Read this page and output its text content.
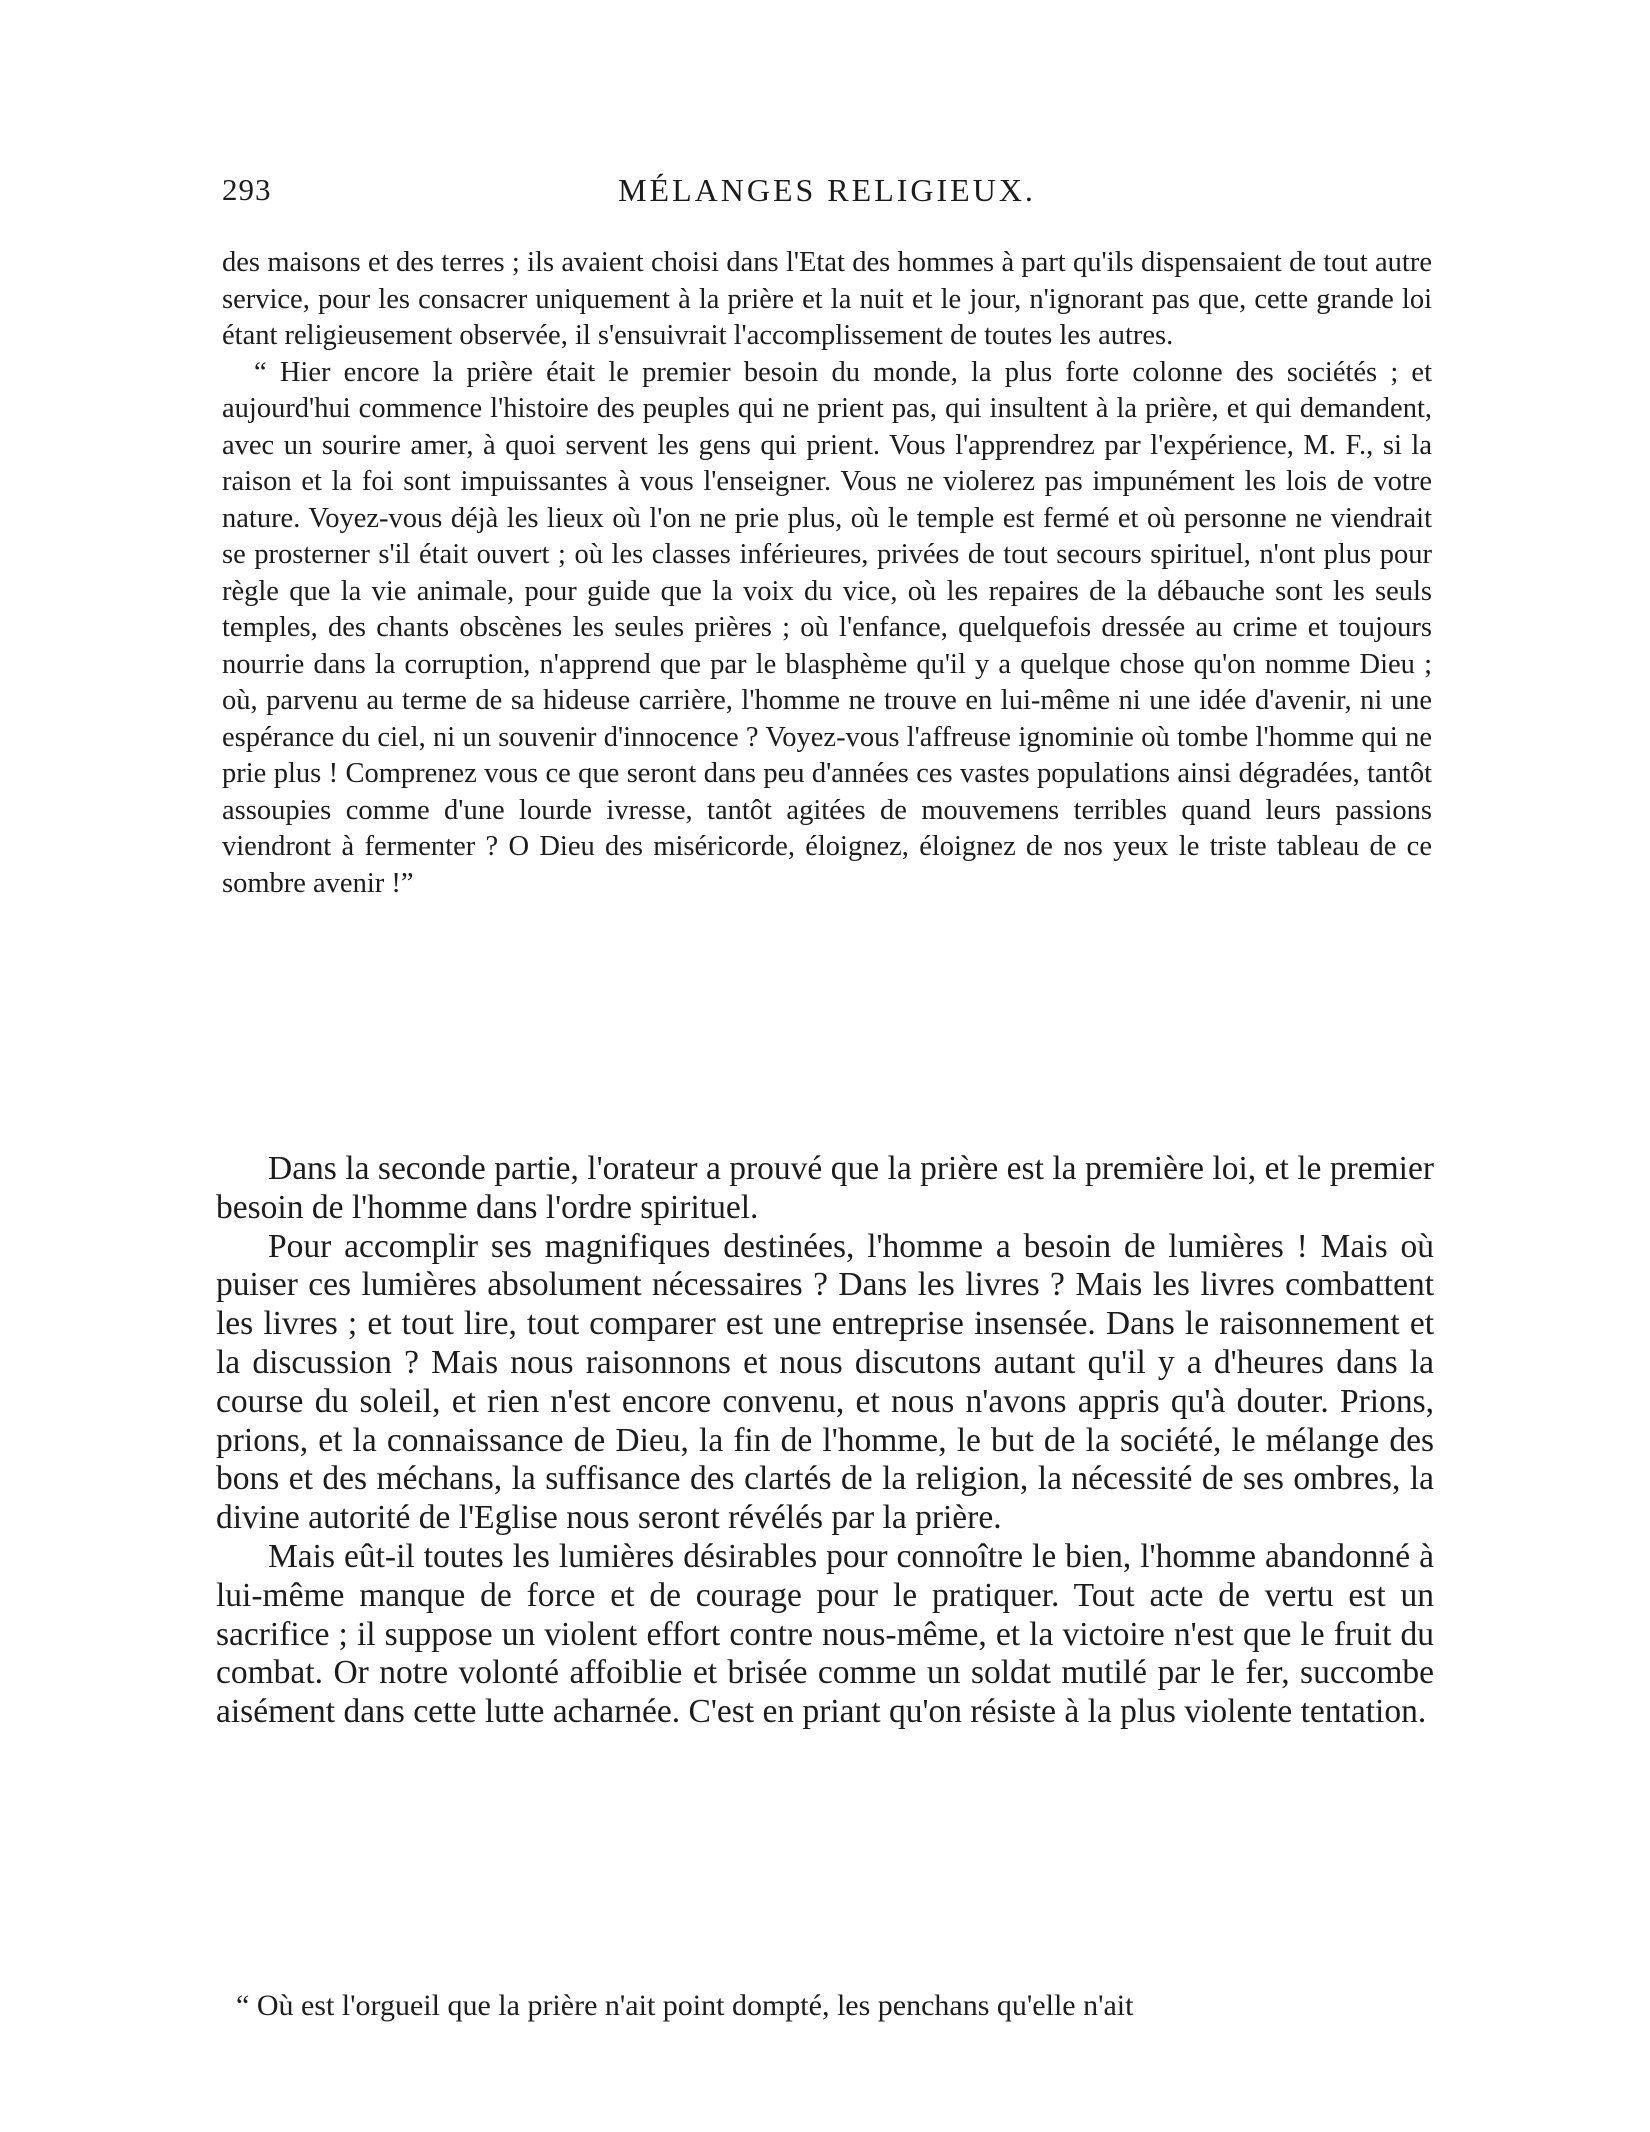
293	MÉLANGES RELIGIEUX.

des maisons et des terres ; ils avaient choisi dans l'Etat des hommes à part qu'ils dispensaient de tout autre service, pour les consacrer uniquement à la prière et la nuit et le jour, n'ignorant pas que, cette grande loi étant religieusement observée, il s'ensuivrait l'accomplissement de toutes les autres.

“ Hier encore la prière était le premier besoin du monde, la plus forte colonne des sociétés ; et aujourd'hui commence l'histoire des peuples qui ne prient pas, qui insultent à la prière, et qui demandent, avec un sourire amer, à quoi servent les gens qui prient. Vous l'apprendrez par l'expérience, M. F., si la raison et la foi sont impuissantes à vous l'enseigner. Vous ne violerez pas impunément les lois de votre nature. Voyez-vous déjà les lieux où l'on ne prie plus, où le temple est fermé et où personne ne viendrait se prosterner s'il était ouvert ; où les classes inférieures, privées de tout secours spirituel, n'ont plus pour règle que la vie animale, pour guide que la voix du vice, où les repaires de la débauche sont les seuls temples, des chants obscènes les seules prières ; où l'enfance, quelquefois dressée au crime et toujours nourrie dans la corruption, n'apprend que par le blasphème qu'il y a quelque chose qu'on nomme Dieu ; où, parvenu au terme de sa hideuse carrière, l'homme ne trouve en lui-même ni une idée d'avenir, ni une espérance du ciel, ni un souvenir d'innocence ? Voyez-vous l'affreuse ignominie où tombe l'homme qui ne prie plus ! Comprenez vous ce que seront dans peu d'années ces vastes populations ainsi dégradées, tantôt assoupies comme d'une lourde ivresse, tantôt agitées de mouvemens terribles quand leurs passions viendront à fermenter ? O Dieu des miséricorde, éloignez, éloignez de nos yeux le triste tableau de ce sombre avenir !”

Dans la seconde partie, l'orateur a prouvé que la prière est la première loi, et le premier besoin de l'homme dans l'ordre spirituel.

Pour accomplir ses magnifiques destinées, l'homme a besoin de lumières ! Mais où puiser ces lumières absolument nécessaires ? Dans les livres ? Mais les livres combattent les livres ; et tout lire, tout comparer est une entreprise insensée. Dans le raisonnement et la discussion ? Mais nous raisonnons et nous discutons autant qu'il y a d'heures dans la course du soleil, et rien n'est encore convenu, et nous n'avons appris qu'à douter. Prions, prions, et la connaissance de Dieu, la fin de l'homme, le but de la société, le mélange des bons et des méchans, la suffisance des clartés de la religion, la nécessité de ses ombres, la divine autorité de l'Eglise nous seront révélés par la prière.

Mais eût-il toutes les lumières désirables pour connoître le bien, l'homme abandonné à lui-même manque de force et de courage pour le pratiquer. Tout acte de vertu est un sacrifice ; il suppose un violent effort contre nous-même, et la victoire n'est que le fruit du combat. Or notre volonté affoiblie et brisée comme un soldat mutilé par le fer, succombe aisément dans cette lutte acharnée. C'est en priant qu'on résiste à la plus violente tentation.

“ Où est l'orgueil que la prière n'ait point dompté, les penchans qu'elle n'ait
